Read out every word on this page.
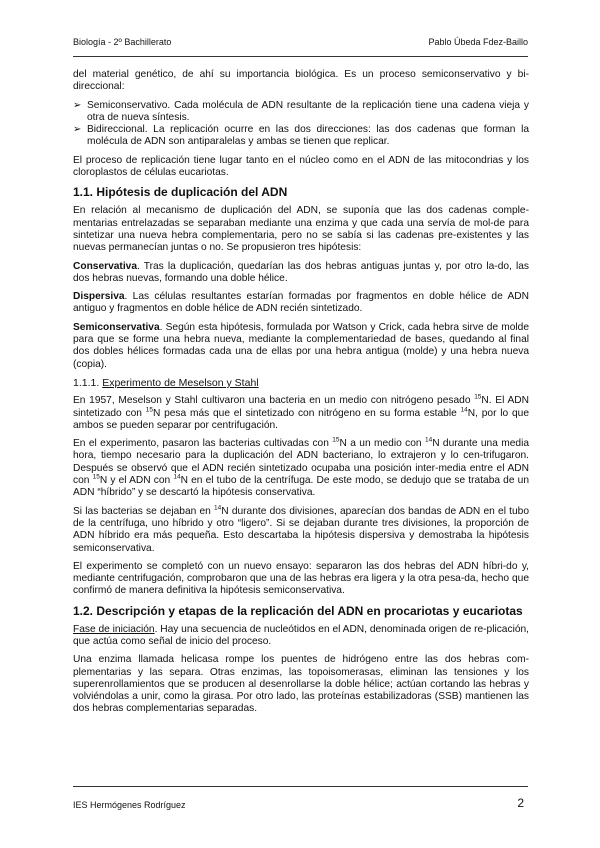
Biología - 2º Bachillerato	Pablo Úbeda Fdez-Baillo

del material genético, de ahí su importancia biológica. Es un proceso semiconservativo y bi-direccional:

➢ Semiconservativo. Cada molécula de ADN resultante de la replicación tiene una cadena vieja y otra de nueva síntesis.
➢ Bidireccional. La replicación ocurre en las dos direcciones: las dos cadenas que forman la molécula de ADN son antiparalelas y ambas se tienen que replicar.

El proceso de replicación tiene lugar tanto en el núcleo como en el ADN de las mitocondrias y los cloroplastos de células eucariotas.

1.1. Hipótesis de duplicación del ADN

En relación al mecanismo de duplicación del ADN, se suponía que las dos cadenas comple-mentarias entrelazadas se separaban mediante una enzima y que cada una servía de mol-de para sintetizar una nueva hebra complementaria, pero no se sabía si las cadenas pre-existentes y las nuevas permanecían juntas o no. Se propusieron tres hipótesis:

Conservativa. Tras la duplicación, quedarían las dos hebras antiguas juntas y, por otro la-do, las dos hebras nuevas, formando una doble hélice.

Dispersiva. Las células resultantes estarían formadas por fragmentos en doble hélice de ADN antiguo y fragmentos en doble hélice de ADN recién sintetizado.

Semiconservativa. Según esta hipótesis, formulada por Watson y Crick, cada hebra sirve de molde para que se forme una hebra nueva, mediante la complementariedad de bases, quedando al final dos dobles hélices formadas cada una de ellas por una hebra antigua (molde) y una hebra nueva (copia).

1.1.1. Experimento de Meselson y Stahl

En 1957, Meselson y Stahl cultivaron una bacteria en un medio con nitrógeno pesado $^{15}$N. El ADN sintetizado con $^{15}$N pesa más que el sintetizado con nitrógeno en su forma estable $^{14}$N, por lo que ambos se pueden separar por centrifugación.

En el experimento, pasaron las bacterias cultivadas con $^{15}$N a un medio con $^{14}$N durante una media hora, tiempo necesario para la duplicación del ADN bacteriano, lo extrajeron y lo cen-trifugaron. Después se observó que el ADN recién sintetizado ocupaba una posición inter-media entre el ADN con $^{15}$N y el ADN con $^{14}$N en el tubo de la centrífuga. De este modo, se dedujo que se trataba de un ADN “híbrido” y se descartó la hipótesis conservativa.

Si las bacterias se dejaban en $^{14}$N durante dos divisiones, aparecían dos bandas de ADN en el tubo de la centrífuga, uno híbrido y otro “ligero”. Si se dejaban durante tres divisiones, la proporción de ADN híbrido era más pequeña. Esto descartaba la hipótesis dispersiva y demostraba la hipótesis semiconservativa.

El experimento se completó con un nuevo ensayo: separaron las dos hebras del ADN híbri-do y, mediante centrifugación, comprobaron que una de las hebras era ligera y la otra pesa-da, hecho que confirmó de manera definitiva la hipótesis semiconservativa.

1.2. Descripción y etapas de la replicación del ADN en procariotas y eucariotas

Fase de iniciación. Hay una secuencia de nucleótidos en el ADN, denominada origen de re-plicación, que actúa como señal de inicio del proceso.

Una enzima llamada helicasa rompe los puentes de hidrógeno entre las dos hebras com-plementarias y las separa. Otras enzimas, las topoisomerasas, eliminan las tensiones y los superenrollamientos que se producen al desenrollarse la doble hélice; actúan cortando las hebras y volviéndolas a unir, como la girasa. Por otro lado, las proteínas estabilizadoras (SSB) mantienen las dos hebras complementarias separadas.

IES Hermógenes Rodríguez	2
